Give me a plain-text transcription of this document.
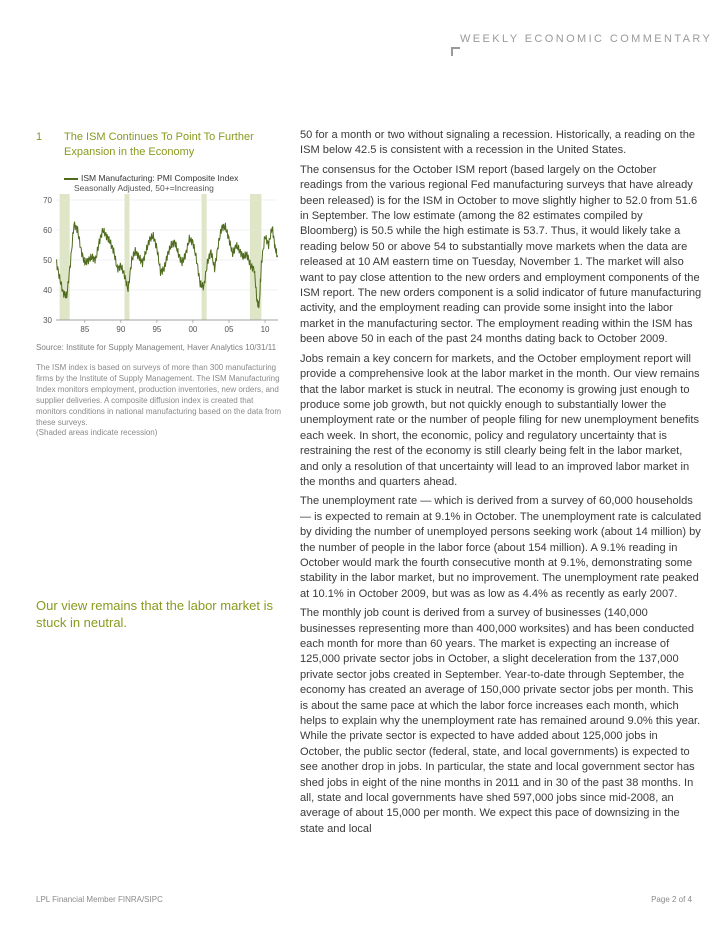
WEEKLY ECONOMIC COMMENTARY
1 The ISM Continues To Point To Further Expansion in the Economy
ISM Manufacturing: PMI Composite Index
Seasonally Adjusted, 50+=Increasing
30
40
50
60
70
85	90	95	00	05	10
Source: Institute for Supply Management, Haver Analytics 10/31/11
The ISM index is based on surveys of more than 300 manufacturing firms by the Institute of Supply Management. The ISM Manufacturing Index monitors employment, production inventories, new orders, and supplier deliveries. A composite diffusion index is created that monitors conditions in national manufacturing based on the data from these surveys.
(Shaded areas indicate recession)
Our view remains that the labor market is stuck in neutral.

50 for a month or two without signaling a recession. Historically, a reading on the ISM below 42.5 is consistent with a recession in the United States.

The consensus for the October ISM report (based largely on the October readings from the various regional Fed manufacturing surveys that have already been released) is for the ISM in October to move slightly higher to 52.0 from 51.6 in September. The low estimate (among the 82 estimates compiled by Bloomberg) is 50.5 while the high estimate is 53.7. Thus, it would likely take a reading below 50 or above 54 to substantially move markets when the data are released at 10 AM eastern time on Tuesday, November 1. The market will also want to pay close attention to the new orders and employment components of the ISM report. The new orders component is a solid indicator of future manufacturing activity, and the employment reading can provide some insight into the labor market in the manufacturing sector. The employment reading within the ISM has been above 50 in each of the past 24 months dating back to October 2009.

Jobs remain a key concern for markets, and the October employment report will provide a comprehensive look at the labor market in the month. Our view remains that the labor market is stuck in neutral. The economy is growing just enough to produce some job growth, but not quickly enough to substantially lower the unemployment rate or the number of people filing for new unemployment benefits each week. In short, the economic, policy and regulatory uncertainty that is restraining the rest of the economy is still clearly being felt in the labor market, and only a resolution of that uncertainty will lead to an improved labor market in the months and quarters ahead.

The unemployment rate — which is derived from a survey of 60,000 households — is expected to remain at 9.1% in October. The unemployment rate is calculated by dividing the number of unemployed persons seeking work (about 14 million) by the number of people in the labor force (about 154 million). A 9.1% reading in October would mark the fourth consecutive month at 9.1%, demonstrating some stability in the labor market, but no improvement. The unemployment rate peaked at 10.1% in October 2009, but was as low as 4.4% as recently as early 2007.

The monthly job count is derived from a survey of businesses (140,000 businesses representing more than 400,000 worksites) and has been conducted each month for more than 60 years. The market is expecting an increase of 125,000 private sector jobs in October, a slight deceleration from the 137,000 private sector jobs created in September. Year-to-date through September, the economy has created an average of 150,000 private sector jobs per month. This is about the same pace at which the labor force increases each month, which helps to explain why the unemployment rate has remained around 9.0% this year. While the private sector is expected to have added about 125,000 jobs in October, the public sector (federal, state, and local governments) is expected to see another drop in jobs. In particular, the state and local government sector has shed jobs in eight of the nine months in 2011 and in 30 of the past 38 months. In all, state and local governments have shed 597,000 jobs since mid-2008, an average of about 15,000 per month. We expect this pace of downsizing in the state and local

LPL Financial Member FINRA/SIPC	Page 2 of 4
